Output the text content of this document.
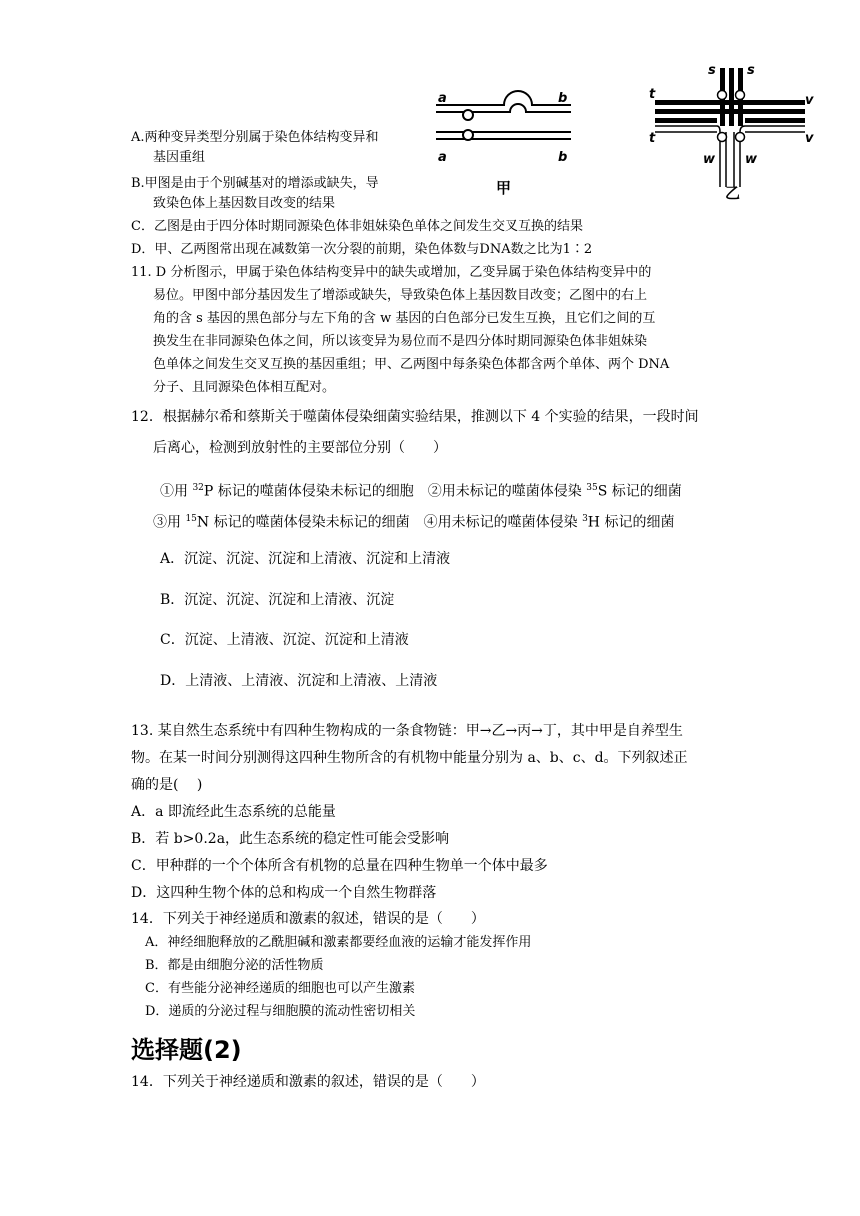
A.两种变异类型分别属于染色体结构变异和
基因重组
B.甲图是由于个别碱基对的增添或缺失，导
致染色体上基因数目改变的结果
C．乙图是由于四分体时期同源染色体非姐妹染色单体之间发生交叉互换的结果
D．甲、乙两图常出现在减数第一次分裂的前期，染色体数与DNA数之比为1∶2
a	b
a	b
甲
s s
t
t
v
v
w w
乙
11. D 分析图示，甲属于染色体结构变异中的缺失或增加，乙变异属于染色体结构变异中的
易位。甲图中部分基因发生了增添或缺失，导致染色体上基因数目改变；乙图中的右上
角的含 s 基因的黑色部分与左下角的含 w 基因的白色部分已发生互换，且它们之间的互
换发生在非同源染色体之间，所以该变异为易位而不是四分体时期同源染色体非姐妹染
色单体之间发生交叉互换的基因重组；甲、乙两图中每条染色体都含两个单体、两个 DNA
分子、且同源染色体相互配对。
12．根据赫尔希和蔡斯关于噬菌体侵染细菌实验结果，推测以下 4 个实验的结果，一段时间
后离心，检测到放射性的主要部位分别（　　）
①用 $^{32}$P 标记的噬菌体侵染未标记的细胞　②用未标记的噬菌体侵染 $^{35}$S 标记的细菌
③用 $^{15}$N 标记的噬菌体侵染未标记的细菌　④用未标记的噬菌体侵染 $^3$H 标记的细菌
A．沉淀、沉淀、沉淀和上清液、沉淀和上清液
B．沉淀、沉淀、沉淀和上清液、沉淀
C．沉淀、上清液、沉淀、沉淀和上清液
D．上清液、上清液、沉淀和上清液、上清液
13. 某自然生态系统中有四种生物构成的一条食物链：甲→乙→丙→丁，其中甲是自养型生
物。在某一时间分别测得这四种生物所含的有机物中能量分别为 a、b、c、d。下列叙述正
确的是(　 )
A．a 即流经此生态系统的总能量
B．若 b>0.2a，此生态系统的稳定性可能会受影响
C．甲种群的一个个体所含有机物的总量在四种生物单一个体中最多
D．这四种生物个体的总和构成一个自然生物群落
14．下列关于神经递质和激素的叙述，错误的是（　　）
A．神经细胞释放的乙酰胆碱和激素都要经血液的运输才能发挥作用
B．都是由细胞分泌的活性物质
C．有些能分泌神经递质的细胞也可以产生激素
D．递质的分泌过程与细胞膜的流动性密切相关
选择题(2)
14．下列关于神经递质和激素的叙述，错误的是（　　）
